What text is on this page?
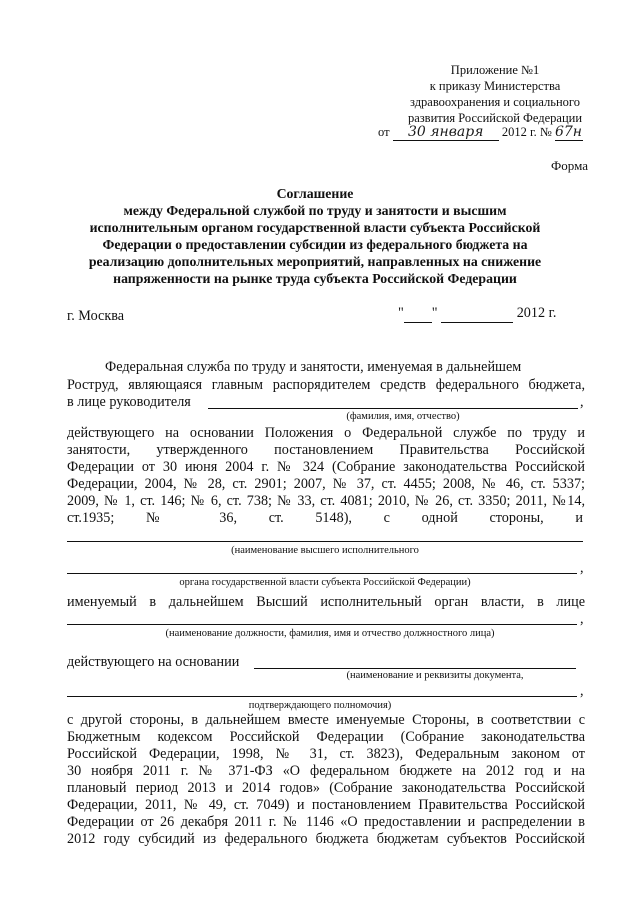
Приложение №1
к приказу Министерства
здравоохранения и социального
развития Российской Федерации
от 30 января 2012 г. № 67н
Форма
Соглашение
между Федеральной службой по труду и занятости и высшим
исполнительным органом государственной власти субъекта Российской
Федерации о предоставлении субсидии из федерального бюджета на
реализацию дополнительных мероприятий, направленных на снижение
напряженности на рынке труда субъекта Российской Федерации
г. Москва	" "	2012 г.
Федеральная служба по труду и занятости, именуемая в дальнейшем
Роструд, являющаяся главным распорядителем средств федерального бюджета,
в лице руководителя	,
(фамилия, имя, отчество)
действующего на основании Положения о Федеральной службе по труду и
занятости, утвержденного постановлением Правительства Российской
Федерации от 30 июня 2004 г. № 324 (Собрание законодательства Российской
Федерации, 2004, № 28, ст. 2901; 2007, № 37, ст. 4455; 2008, № 46, ст. 5337;
2009, № 1, ст. 146; № 6, ст. 738; № 33, ст. 4081; 2010, № 26, ст. 3350; 2011, №14,
ст.1935; № 36, ст. 5148), с одной стороны, и
(наименование высшего исполнительного
,
органа государственной власти субъекта Российской Федерации)
именуемый в дальнейшем Высший исполнительный орган власти, в лице
,
(наименование должности, фамилия, имя и отчество должностного лица)
действующего на основании
(наименование и реквизиты документа,
,
подтверждающего полномочия)
с другой стороны, в дальнейшем вместе именуемые Стороны, в соответствии с
Бюджетным кодексом Российской Федерации (Собрание законодательства
Российской Федерации, 1998, № 31, ст. 3823), Федеральным законом от
30 ноября 2011 г. № 371-ФЗ «О федеральном бюджете на 2012 год и на
плановый период 2013 и 2014 годов» (Собрание законодательства Российской
Федерации, 2011, № 49, ст. 7049) и постановлением Правительства Российской
Федерации от 26 декабря 2011 г. № 1146 «О предоставлении и распределении в
2012 году субсидий из федерального бюджета бюджетам субъектов Российской
